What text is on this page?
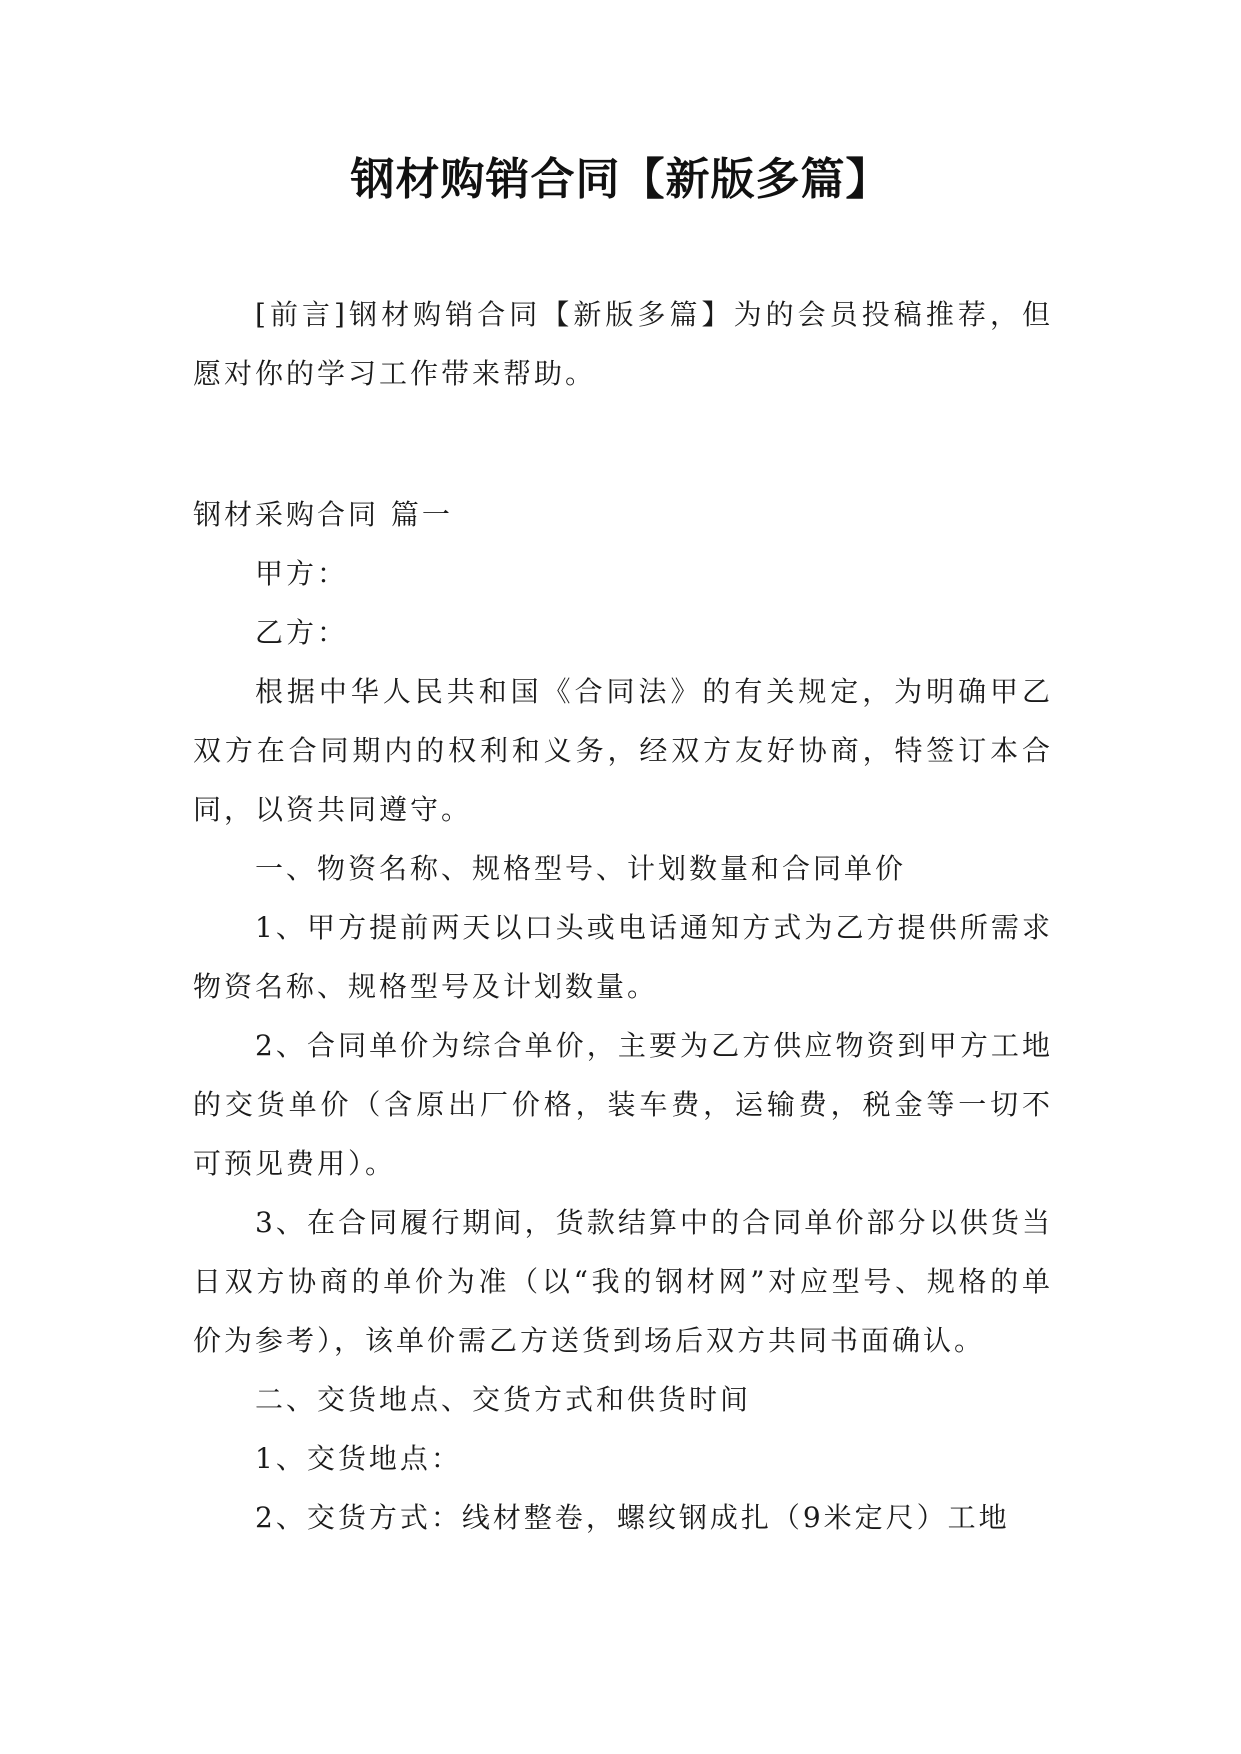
钢材购销合同【新版多篇】

[前言]钢材购销合同【新版多篇】为的会员投稿推荐，但愿对你的学习工作带来帮助。

钢材采购合同 篇一

甲方：

乙方：

根据中华人民共和国《合同法》的有关规定，为明确甲乙双方在合同期内的权利和义务，经双方友好协商，特签订本合同，以资共同遵守。

一、物资名称、规格型号、计划数量和合同单价

1、甲方提前两天以口头或电话通知方式为乙方提供所需求物资名称、规格型号及计划数量。

2、合同单价为综合单价，主要为乙方供应物资到甲方工地的交货单价（含原出厂价格，装车费，运输费，税金等一切不可预见费用）。

3、在合同履行期间，货款结算中的合同单价部分以供货当日双方协商的单价为准（以“我的钢材网”对应型号、规格的单价为参考），该单价需乙方送货到场后双方共同书面确认。

二、交货地点、交货方式和供货时间

1、交货地点：

2、交货方式：线材整卷，螺纹钢成扎（9米定尺）工地
